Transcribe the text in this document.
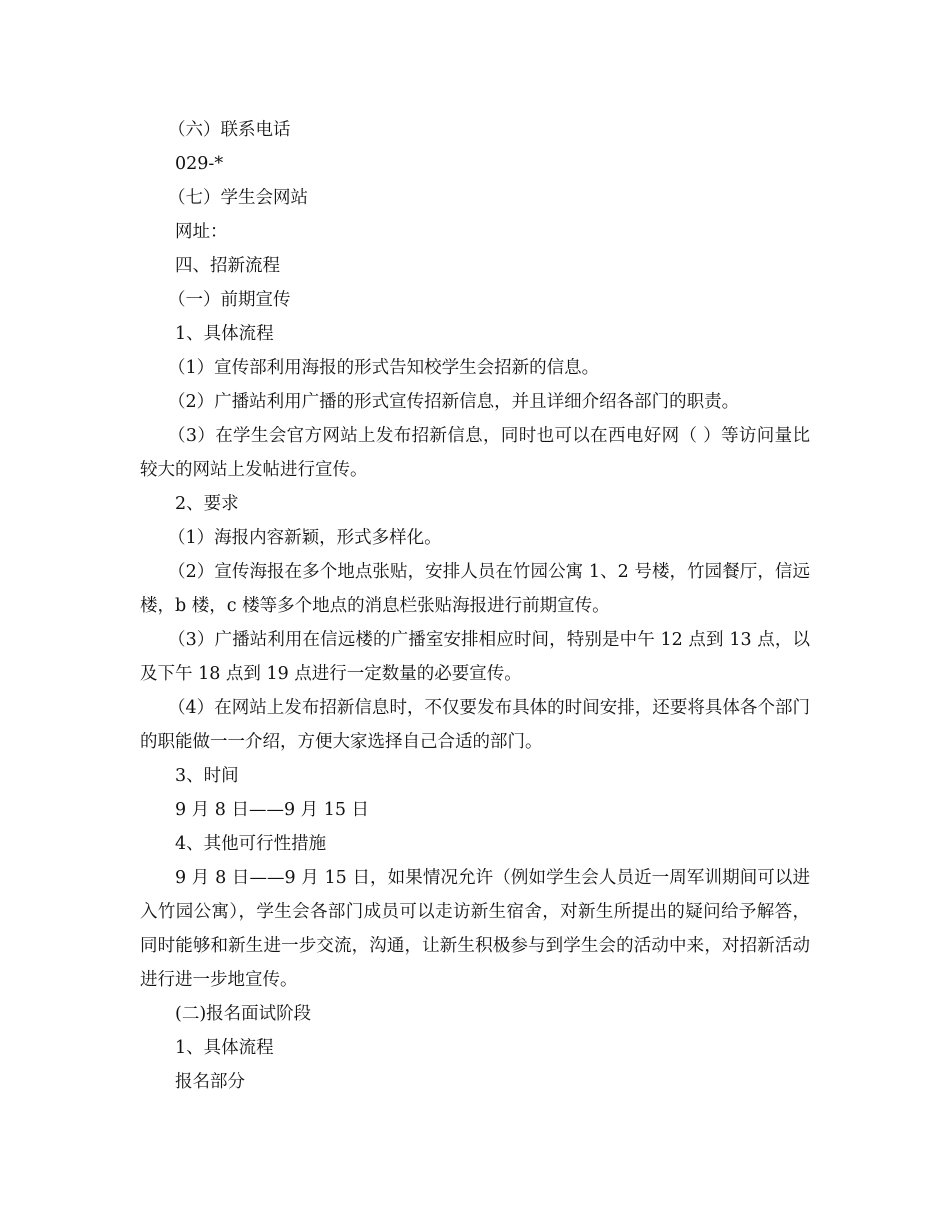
（六）联系电话

029-*

（七）学生会网站

网址：

四、招新流程

（一）前期宣传

1、具体流程

（1）宣传部利用海报的形式告知校学生会招新的信息。

（2）广播站利用广播的形式宣传招新信息，并且详细介绍各部门的职责。

（3）在学生会官方网站上发布招新信息，同时也可以在西电好网（ ）等访问量比较大的网站上发帖进行宣传。

2、要求

（1）海报内容新颖，形式多样化。

（2）宣传海报在多个地点张贴，安排人员在竹园公寓 1、2 号楼，竹园餐厅，信远楼，b 楼，c 楼等多个地点的消息栏张贴海报进行前期宣传。

（3）广播站利用在信远楼的广播室安排相应时间，特别是中午 12 点到 13 点，以及下午 18 点到 19 点进行一定数量的必要宣传。

（4）在网站上发布招新信息时，不仅要发布具体的时间安排，还要将具体各个部门的职能做一一介绍，方便大家选择自己合适的部门。

3、时间

9 月 8 日——9 月 15 日

4、其他可行性措施

9 月 8 日——9 月 15 日，如果情况允许（例如学生会人员近一周军训期间可以进入竹园公寓），学生会各部门成员可以走访新生宿舍，对新生所提出的疑问给予解答，同时能够和新生进一步交流，沟通，让新生积极参与到学生会的活动中来，对招新活动进行进一步地宣传。

(二)报名面试阶段

1、具体流程

报名部分
